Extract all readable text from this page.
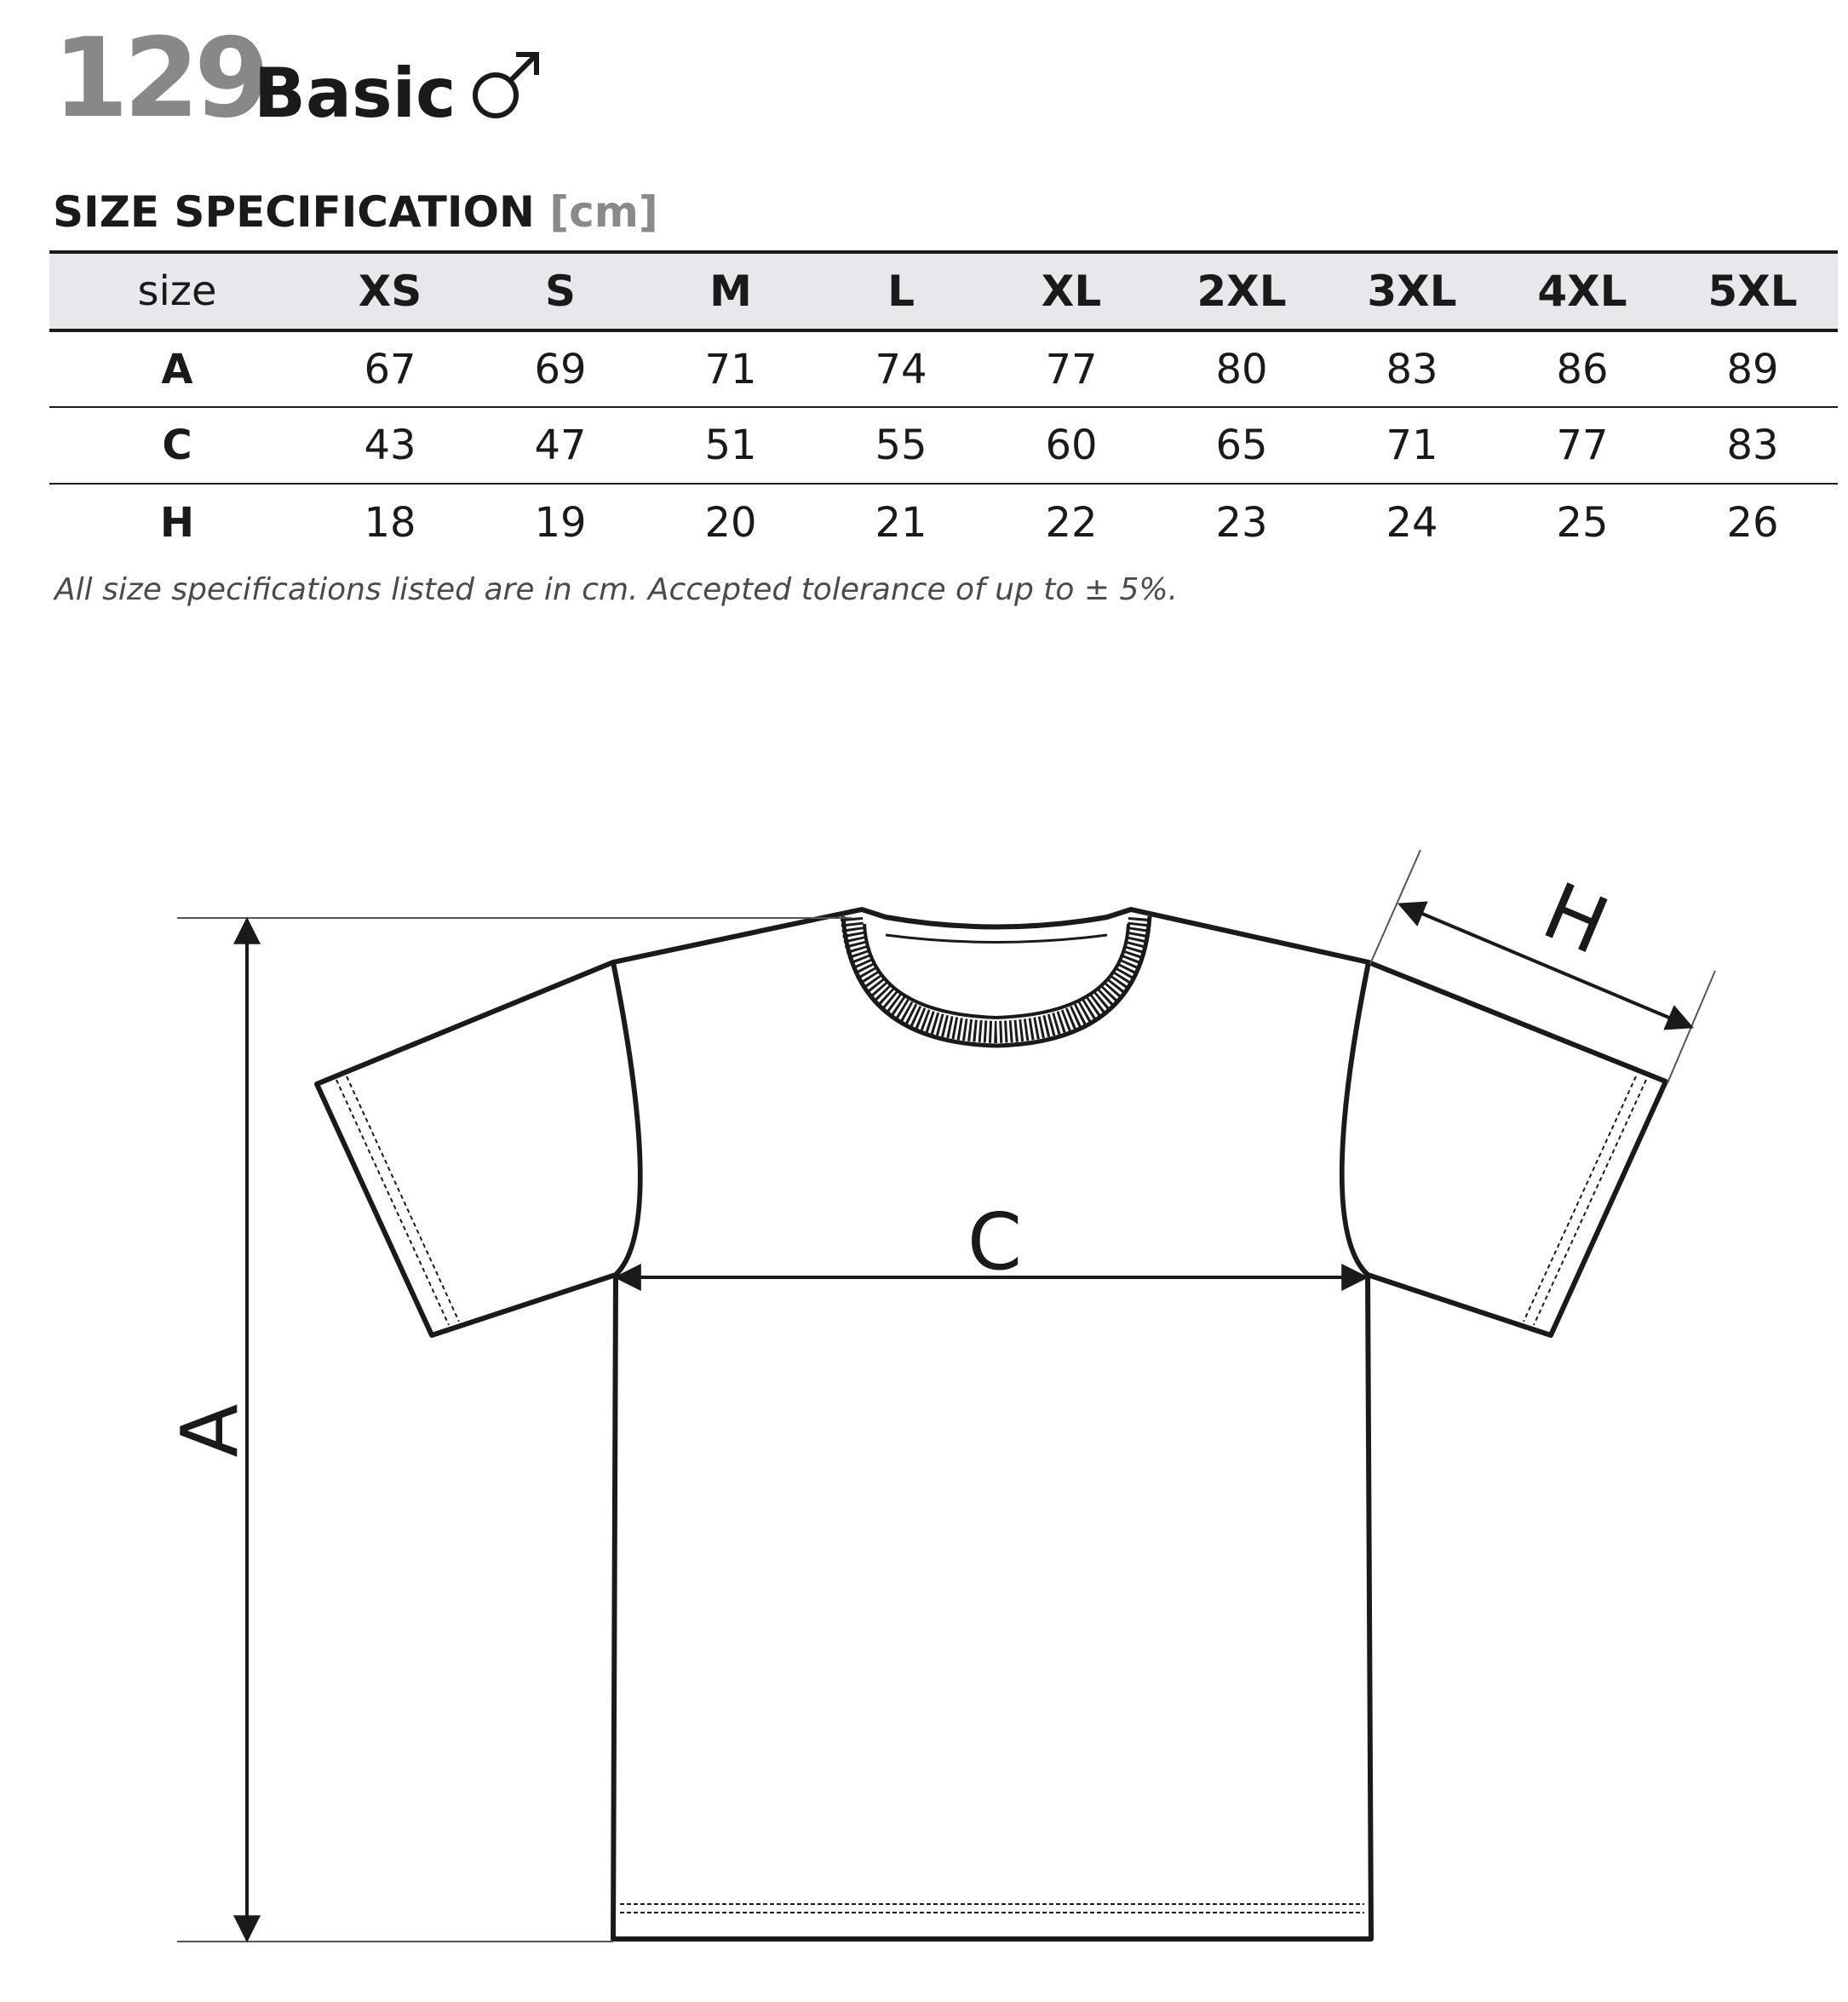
129
Basic
SIZE SPECIFICATION [cm]
size	XS	S	M	L	XL	2XL	3XL	4XL	5XL
A	67	69	71	74	77	80	83	86	89
C	43	47	51	55	60	65	71	77	83
H	18	19	20	21	22	23	24	25	26
All size specifications listed are in cm. Accepted tolerance of up to ± 5%.
A
C
H
